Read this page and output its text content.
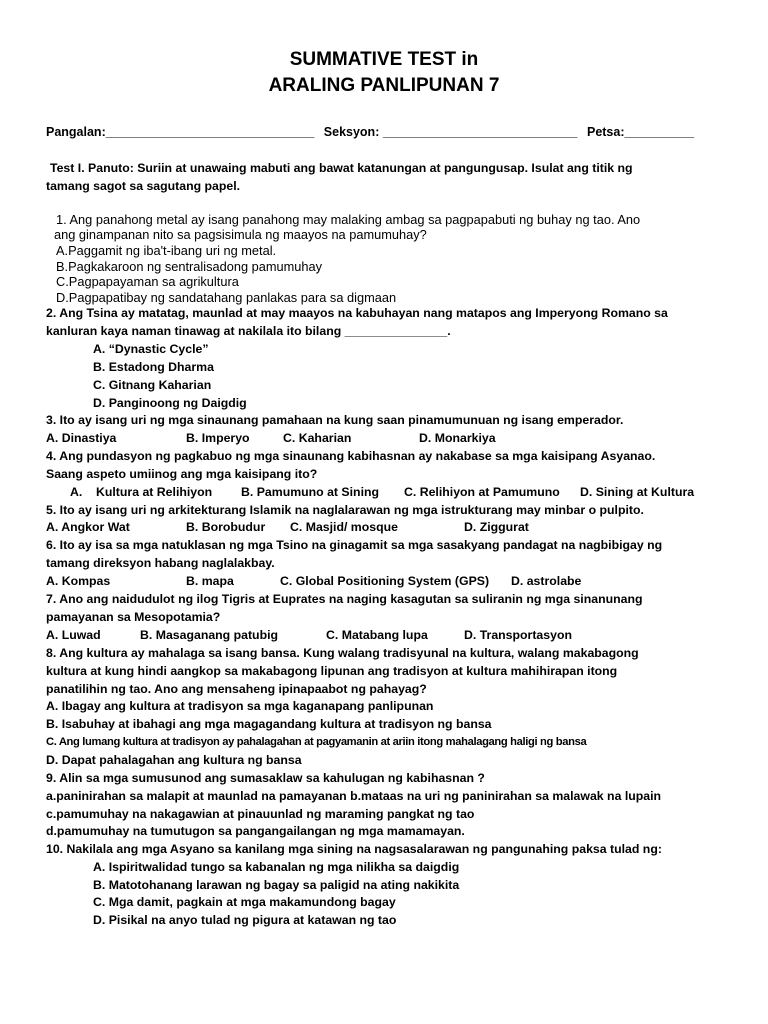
SUMMATIVE TEST in
ARALING PANLIPUNAN 7
Pangalan:______________________________ Seksyon: ____________________________ Petsa:__________
Test I. Panuto: Suriin at unawaing mabuti ang bawat katanungan at pangungusap. Isulat ang titik ng
tamang sagot sa sagutang papel.
1. Ang panahong metal ay isang panahong may malaking ambag sa pagpapabuti ng buhay ng tao. Ano
ang ginampanan nito sa pagsisimula ng maayos na pamumuhay?
A.Paggamit ng iba't-ibang uri ng metal.
B.Pagkakaroon ng sentralisadong pamumuhay
C.Pagpapayaman sa agrikultura
D.Pagpapatibay ng sandatahang panlakas para sa digmaan
2. Ang Tsina ay matatag, maunlad at may maayos na kabuhayan nang matapos ang Imperyong Romano sa
kanluran kaya naman tinawag at nakilala ito bilang _______________.
A. “Dynastic Cycle”
B. Estadong Dharma
C. Gitnang Kaharian
D. Panginoong ng Daigdig
3. Ito ay isang uri ng mga sinaunang pamahaan na kung saan pinamumunuan ng isang emperador.
A. Dinastiya	B. Imperyo	C. Kaharian	D. Monarkiya
4. Ang pundasyon ng pagkabuo ng mga sinaunang kabihasnan ay nakabase sa mga kaisipang Asyanao.
Saang aspeto umiinog ang mga kaisipang ito?
A. Kultura at Relihiyon B. Pamumuno at Sining C. Relihiyon at Pamumuno D. Sining at Kultura
5. Ito ay isang uri ng arkitekturang Islamik na naglalarawan ng mga istrukturang may minbar o pulpito.
A. Angkor Wat	B. Borobudur C. Masjid/ mosque	D. Ziggurat
6. Ito ay isa sa mga natuklasan ng mga Tsino na ginagamit sa mga sasakyang pandagat na nagbibigay ng
tamang direksyon habang naglalakbay.
A. Kompas	B. mapa	C. Global Positioning System (GPS) D. astrolabe
7. Ano ang naidudulot ng ilog Tigris at Euprates na naging kasagutan sa suliranin ng mga sinanunang
pamayanan sa Mesopotamia?
A. Luwad	B. Masaganang patubig	C. Matabang lupa	D. Transportasyon
8. Ang kultura ay mahalaga sa isang bansa. Kung walang tradisyunal na kultura, walang makabagong
kultura at kung hindi aangkop sa makabagong lipunan ang tradisyon at kultura mahihirapan itong
panatilihin ng tao. Ano ang mensaheng ipinapaabot ng pahayag?
A. Ibagay ang kultura at tradisyon sa mga kaganapang panlipunan
B. Isabuhay at ibahagi ang mga magagandang kultura at tradisyon ng bansa
C. Ang lumang kultura at tradisyon ay pahalagahan at pagyamanin at ariin itong mahalagang haligi ng bansa
D. Dapat pahalagahan ang kultura ng bansa
9. Alin sa mga sumusunod ang sumasaklaw sa kahulugan ng kabihasnan ?
a.paninirahan sa malapit at maunlad na pamayanan b.mataas na uri ng paninirahan sa malawak na lupain
c.pamumuhay na nakagawian at pinauunlad ng maraming pangkat ng tao
d.pamumuhay na tumutugon sa pangangailangan ng mga mamamayan.
10. Nakilala ang mga Asyano sa kanilang mga sining na nagsasalarawan ng pangunahing paksa tulad ng:
A. Ispiritwalidad tungo sa kabanalan ng mga nilikha sa daigdig
B. Matotohanang larawan ng bagay sa paligid na ating nakikita
C. Mga damit, pagkain at mga makamundong bagay
D. Pisikal na anyo tulad ng pigura at katawan ng tao
